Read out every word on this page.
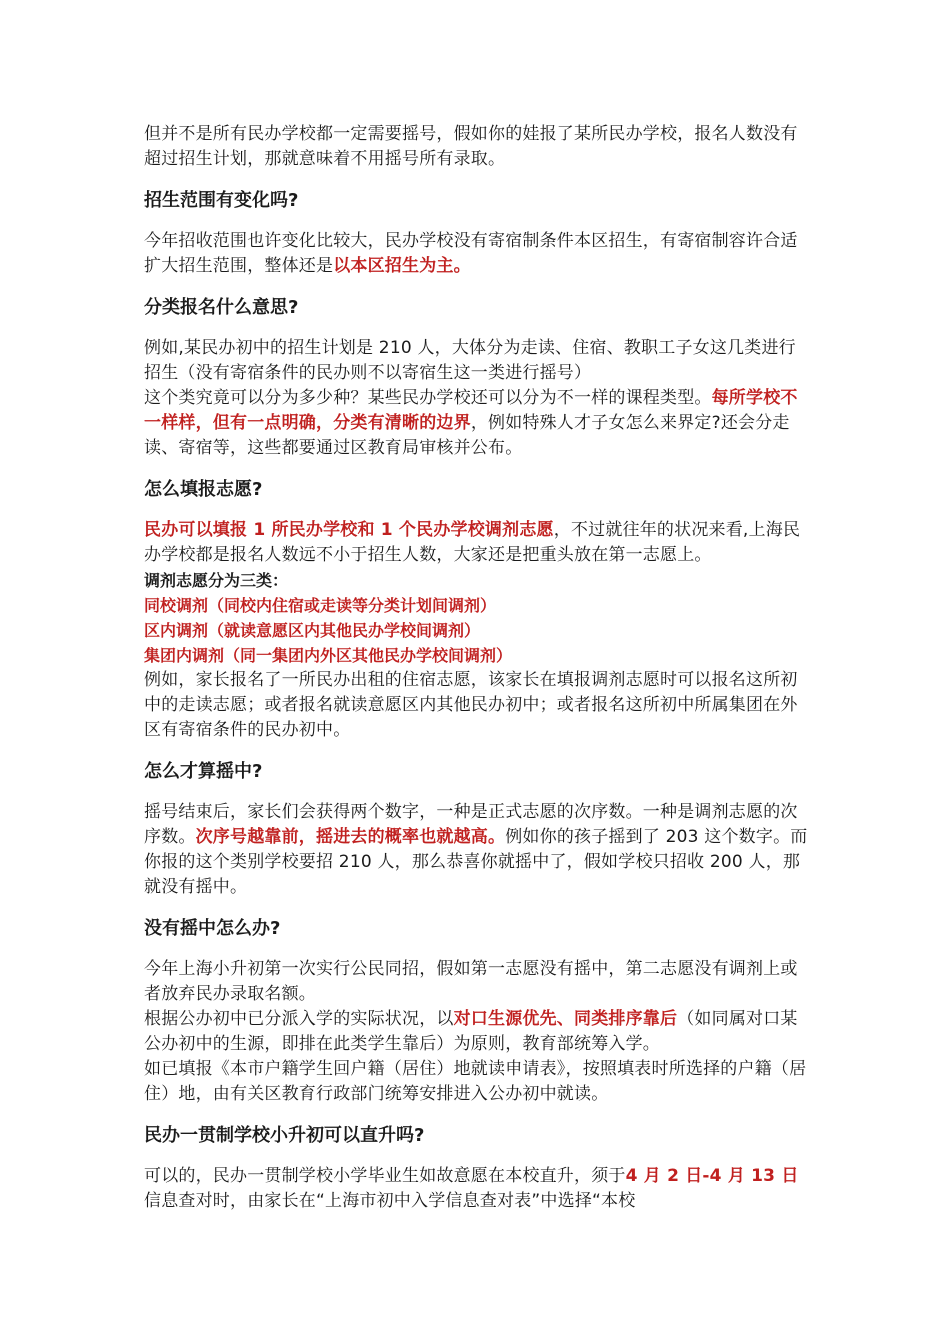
但并不是所有民办学校都一定需要摇号，假如你的娃报了某所民办学校，报名人数没有超过招生计划，那就意味着不用摇号所有录取。

招生范围有变化吗?

今年招收范围也许变化比较大，民办学校没有寄宿制条件本区招生，有寄宿制容许合适扩大招生范围，整体还是以本区招生为主。

分类报名什么意思?

例如,某民办初中的招生计划是 210 人，大体分为走读、住宿、教职工子女这几类进行招生（没有寄宿条件的民办则不以寄宿生这一类进行摇号）

这个类究竟可以分为多少种？某些民办学校还可以分为不一样的课程类型。每所学校不一样样，但有一点明确，分类有清晰的边界，例如特殊人才子女怎么来界定?还会分走读、寄宿等，这些都要通过区教育局审核并公布。

怎么填报志愿?

民办可以填报 1 所民办学校和 1 个民办学校调剂志愿，不过就往年的状况来看,上海民办学校都是报名人数远不小于招生人数，大家还是把重头放在第一志愿上。

调剂志愿分为三类：

同校调剂（同校内住宿或走读等分类计划间调剂）

区内调剂（就读意愿区内其他民办学校间调剂）

集团内调剂（同一集团内外区其他民办学校间调剂）

例如，家长报名了一所民办出租的住宿志愿，该家长在填报调剂志愿时可以报名这所初中的走读志愿；或者报名就读意愿区内其他民办初中；或者报名这所初中所属集团在外区有寄宿条件的民办初中。

怎么才算摇中?

摇号结束后，家长们会获得两个数字，一种是正式志愿的次序数。一种是调剂志愿的次序数。次序号越靠前，摇进去的概率也就越高。例如你的孩子摇到了 203 这个数字。而你报的这个类别学校要招 210 人，那么恭喜你就摇中了，假如学校只招收 200 人，那就没有摇中。

没有摇中怎么办?

今年上海小升初第一次实行公民同招，假如第一志愿没有摇中，第二志愿没有调剂上或者放弃民办录取名额。

根据公办初中已分派入学的实际状况，以对口生源优先、同类排序靠后（如同属对口某公办初中的生源，即排在此类学生靠后）为原则，教育部统筹入学。

如已填报《本市户籍学生回户籍（居住）地就读申请表》，按照填表时所选择的户籍（居住）地，由有关区教育行政部门统筹安排进入公办初中就读。

民办一贯制学校小升初可以直升吗?

可以的，民办一贯制学校小学毕业生如故意愿在本校直升，须于4 月 2 日-4 月 13 日信息查对时，由家长在“上海市初中入学信息查对表”中选择“本校
